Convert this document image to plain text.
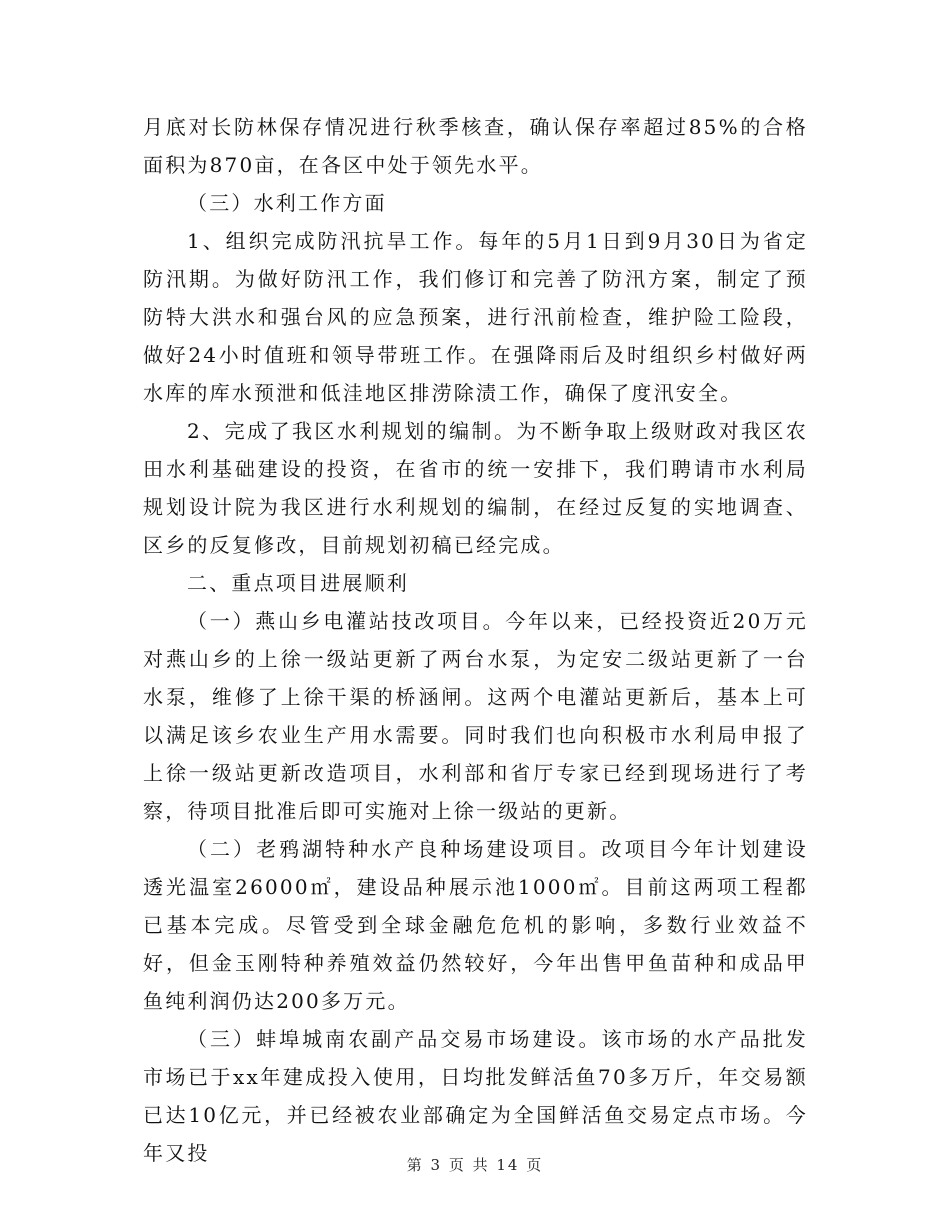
月底对长防林保存情况进行秋季核查，确认保存率超过85%的合格面积为870亩，在各区中处于领先水平。

（三）水利工作方面

1、组织完成防汛抗旱工作。每年的5月1日到9月30日为省定防汛期。为做好防汛工作，我们修订和完善了防汛方案，制定了预防特大洪水和强台风的应急预案，进行汛前检查，维护险工险段，做好24小时值班和领导带班工作。在强降雨后及时组织乡村做好两水库的库水预泄和低洼地区排涝除渍工作，确保了度汛安全。

2、完成了我区水利规划的编制。为不断争取上级财政对我区农田水利基础建设的投资，在省市的统一安排下，我们聘请市水利局规划设计院为我区进行水利规划的编制，在经过反复的实地调查、区乡的反复修改，目前规划初稿已经完成。

二、重点项目进展顺利

（一）燕山乡电灌站技改项目。今年以来，已经投资近20万元对燕山乡的上徐一级站更新了两台水泵，为定安二级站更新了一台水泵，维修了上徐干渠的桥涵闸。这两个电灌站更新后，基本上可以满足该乡农业生产用水需要。同时我们也向积极市水利局申报了上徐一级站更新改造项目，水利部和省厅专家已经到现场进行了考察，待项目批准后即可实施对上徐一级站的更新。

（二）老鸦湖特种水产良种场建设项目。改项目今年计划建设透光温室26000㎡，建设品种展示池1000㎡。目前这两项工程都已基本完成。尽管受到全球金融危危机的影响，多数行业效益不好，但金玉刚特种养殖效益仍然较好，今年出售甲鱼苗种和成品甲鱼纯利润仍达200多万元。

（三）蚌埠城南农副产品交易市场建设。该市场的水产品批发市场已于xx年建成投入使用，日均批发鲜活鱼70多万斤，年交易额已达10亿元，并已经被农业部确定为全国鲜活鱼交易定点市场。今年又投	第 3 页 共 14 页
